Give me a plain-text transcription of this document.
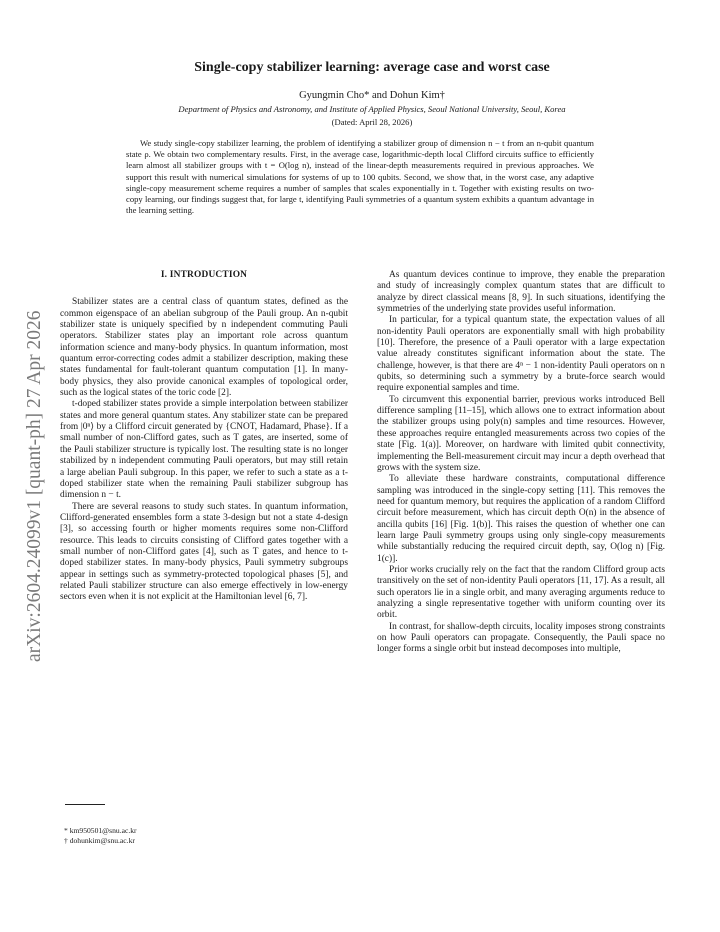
arXiv:2604.24099v1 [quant-ph] 27 Apr 2026
Single-copy stabilizer learning: average case and worst case
Gyungmin Cho* and Dohun Kim†
Department of Physics and Astronomy, and Institute of Applied Physics, Seoul National University, Seoul, Korea
(Dated: April 28, 2026)

We study single-copy stabilizer learning, the problem of identifying a stabilizer group of dimension n − t from an n-qubit quantum state ρ. We obtain two complementary results. First, in the average case, logarithmic-depth local Clifford circuits suffice to efficiently learn almost all stabilizer groups with t = O(log n), instead of the linear-depth measurements required in previous approaches. We support this result with numerical simulations for systems of up to 100 qubits. Second, we show that, in the worst case, any adaptive single-copy measurement scheme requires a number of samples that scales exponentially in t. Together with existing results on two-copy learning, our findings suggest that, for large t, identifying Pauli symmetries of a quantum system exhibits a quantum advantage in the learning setting.

I. INTRODUCTION

Stabilizer states are a central class of quantum states, defined as the common eigenspace of an abelian subgroup of the Pauli group. An n-qubit stabilizer state is uniquely specified by n independent commuting Pauli operators. Stabilizer states play an important role across quantum information science and many-body physics. In quantum information, most quantum error-correcting codes admit a stabilizer description, making these states fundamental for fault-tolerant quantum computation [1]. In many-body physics, they also provide canonical examples of topological order, such as the logical states of the toric code [2].

t-doped stabilizer states provide a simple interpolation between stabilizer states and more general quantum states. Any stabilizer state can be prepared from |0ⁿ⟩ by a Clifford circuit generated by {CNOT, Hadamard, Phase}. If a small number of non-Clifford gates, such as T gates, are inserted, some of the Pauli stabilizer structure is typically lost. The resulting state is no longer stabilized by n independent commuting Pauli operators, but may still retain a large abelian Pauli subgroup. In this paper, we refer to such a state as a t-doped stabilizer state when the remaining Pauli stabilizer subgroup has dimension n − t.

There are several reasons to study such states. In quantum information, Clifford-generated ensembles form a state 3-design but not a state 4-design [3], so accessing fourth or higher moments requires some non-Clifford resource. This leads to circuits consisting of Clifford gates together with a small number of non-Clifford gates [4], such as T gates, and hence to t-doped stabilizer states. In many-body physics, Pauli symmetry subgroups appear in settings such as symmetry-protected topological phases [5], and related Pauli stabilizer structure can also emerge effectively in low-energy sectors even when it is not explicit at the Hamiltonian level [6, 7].

As quantum devices continue to improve, they enable the preparation and study of increasingly complex quantum states that are difficult to analyze by direct classical means [8, 9]. In such situations, identifying the symmetries of the underlying state provides useful information.

In particular, for a typical quantum state, the expectation values of all non-identity Pauli operators are exponentially small with high probability [10]. Therefore, the presence of a Pauli operator with a large expectation value already constitutes significant information about the state. The challenge, however, is that there are 4ⁿ − 1 non-identity Pauli operators on n qubits, so determining such a symmetry by a brute-force search would require exponential samples and time.

To circumvent this exponential barrier, previous works introduced Bell difference sampling [11–15], which allows one to extract information about the stabilizer groups using poly(n) samples and time resources. However, these approaches require entangled measurements across two copies of the state [Fig. 1(a)]. Moreover, on hardware with limited qubit connectivity, implementing the Bell-measurement circuit may incur a depth overhead that grows with the system size.

To alleviate these hardware constraints, computational difference sampling was introduced in the single-copy setting [11]. This removes the need for quantum memory, but requires the application of a random Clifford circuit before measurement, which has circuit depth O(n) in the absence of ancilla qubits [16] [Fig. 1(b)]. This raises the question of whether one can learn large Pauli symmetry groups using only single-copy measurements while substantially reducing the required circuit depth, say, O(log n) [Fig. 1(c)].

Prior works crucially rely on the fact that the random Clifford group acts transitively on the set of non-identity Pauli operators [11, 17]. As a result, all such operators lie in a single orbit, and many averaging arguments reduce to analyzing a single representative together with uniform counting over its orbit.

In contrast, for shallow-depth circuits, locality imposes strong constraints on how Pauli operators can propagate. Consequently, the Pauli space no longer forms a single orbit but instead decomposes into multiple,

* km950501@snu.ac.kr
† dohunkim@snu.ac.kr
